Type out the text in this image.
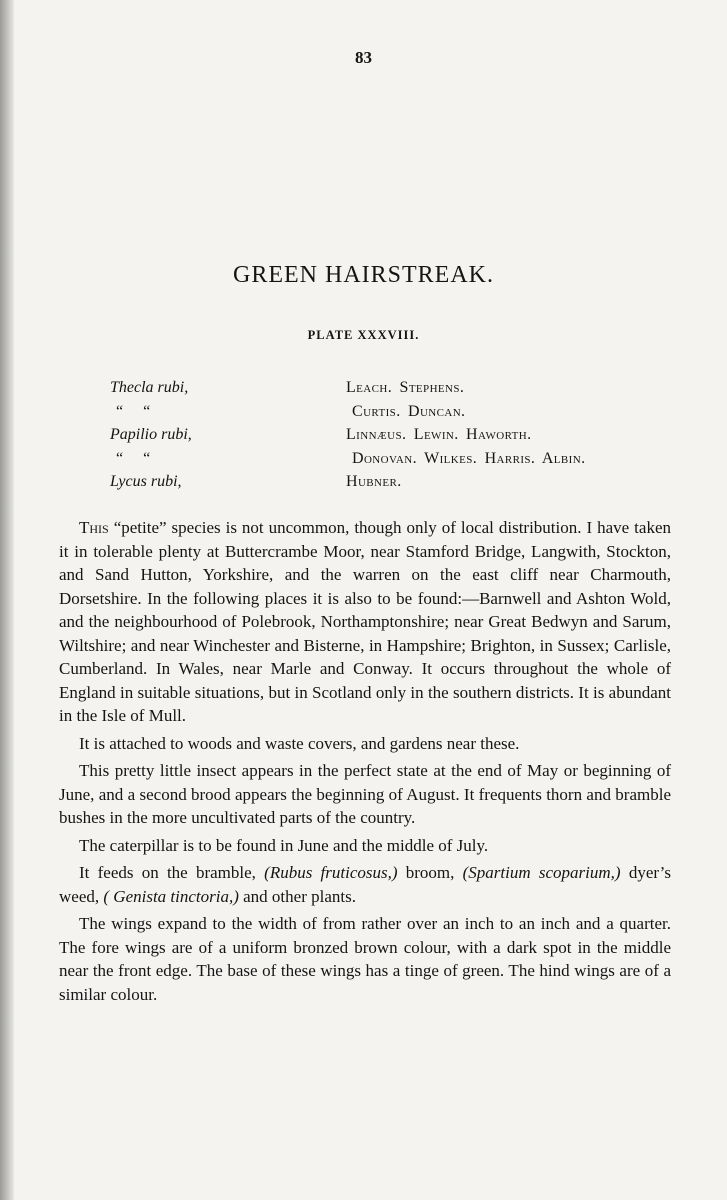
83
GREEN HAIRSTREAK.
PLATE XXXVIII.
Thecla rubi,	Leach. Stephens.
“ “	Curtis. Duncan.
Papilio rubi,	Linnæus. Lewin. Haworth.
“ “	Donovan. Wilkes. Harris. Albin.
Lycus rubi,	Hubner.

This “petite” species is not uncommon, though only of local distribution. I have taken it in tolerable plenty at Buttercrambe Moor, near Stamford Bridge, Langwith, Stockton, and Sand Hutton, Yorkshire, and the warren on the east cliff near Charmouth, Dorsetshire. In the following places it is also to be found:—Barnwell and Ashton Wold, and the neighbourhood of Polebrook, Northamptonshire; near Great Bedwyn and Sarum, Wiltshire; and near Winchester and Bisterne, in Hampshire; Brighton, in Sussex; Carlisle, Cumberland. In Wales, near Marle and Conway. It occurs throughout the whole of England in suitable situations, but in Scotland only in the southern districts. It is abundant in the Isle of Mull.

It is attached to woods and waste covers, and gardens near these.

This pretty little insect appears in the perfect state at the end of May or beginning of June, and a second brood appears the beginning of August. It frequents thorn and bramble bushes in the more uncultivated parts of the country.

The caterpillar is to be found in June and the middle of July.

It feeds on the bramble, (Rubus fruticosus,) broom, (Spartium scoparium,) dyer’s weed, ( Genista tinctoria,) and other plants.

The wings expand to the width of from rather over an inch to an inch and a quarter. The fore wings are of a uniform bronzed brown colour, with a dark spot in the middle near the front edge. The base of these wings has a tinge of green. The hind wings are of a similar colour.
